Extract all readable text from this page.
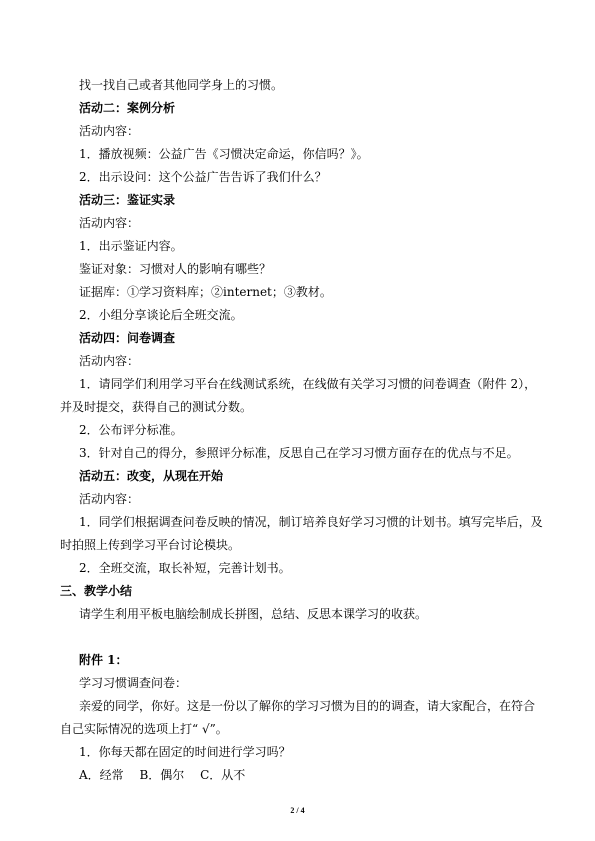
找一找自己或者其他同学身上的习惯。
活动二：案例分析
活动内容：
1．播放视频：公益广告《习惯决定命运，你信吗？》。
2．出示设问：这个公益广告告诉了我们什么？
活动三：鉴证实录
活动内容：
1．出示鉴证内容。
鉴证对象：习惯对人的影响有哪些？
证据库：①学习资料库；②internet；③教材。
2．小组分享谈论后全班交流。
活动四：问卷调查
活动内容：
1．请同学们利用学习平台在线测试系统，在线做有关学习习惯的问卷调查（附件 2），并及时提交，获得自己的测试分数。
2．公布评分标准。
3．针对自己的得分，参照评分标准，反思自己在学习习惯方面存在的优点与不足。
活动五：改变，从现在开始
活动内容：
1．同学们根据调查问卷反映的情况，制订培养良好学习习惯的计划书。填写完毕后，及时拍照上传到学习平台讨论模块。
2．全班交流，取长补短，完善计划书。
三、教学小结
请学生利用平板电脑绘制成长拼图，总结、反思本课学习的收获。
附件 1：
学习习惯调查问卷：
亲爱的同学，你好。这是一份以了解你的学习习惯为目的的调查，请大家配合，在符合自己实际情况的选项上打“ √”。
1．你每天都在固定的时间进行学习吗？
A．经常　 B．偶尔　 C．从不
2 / 4
